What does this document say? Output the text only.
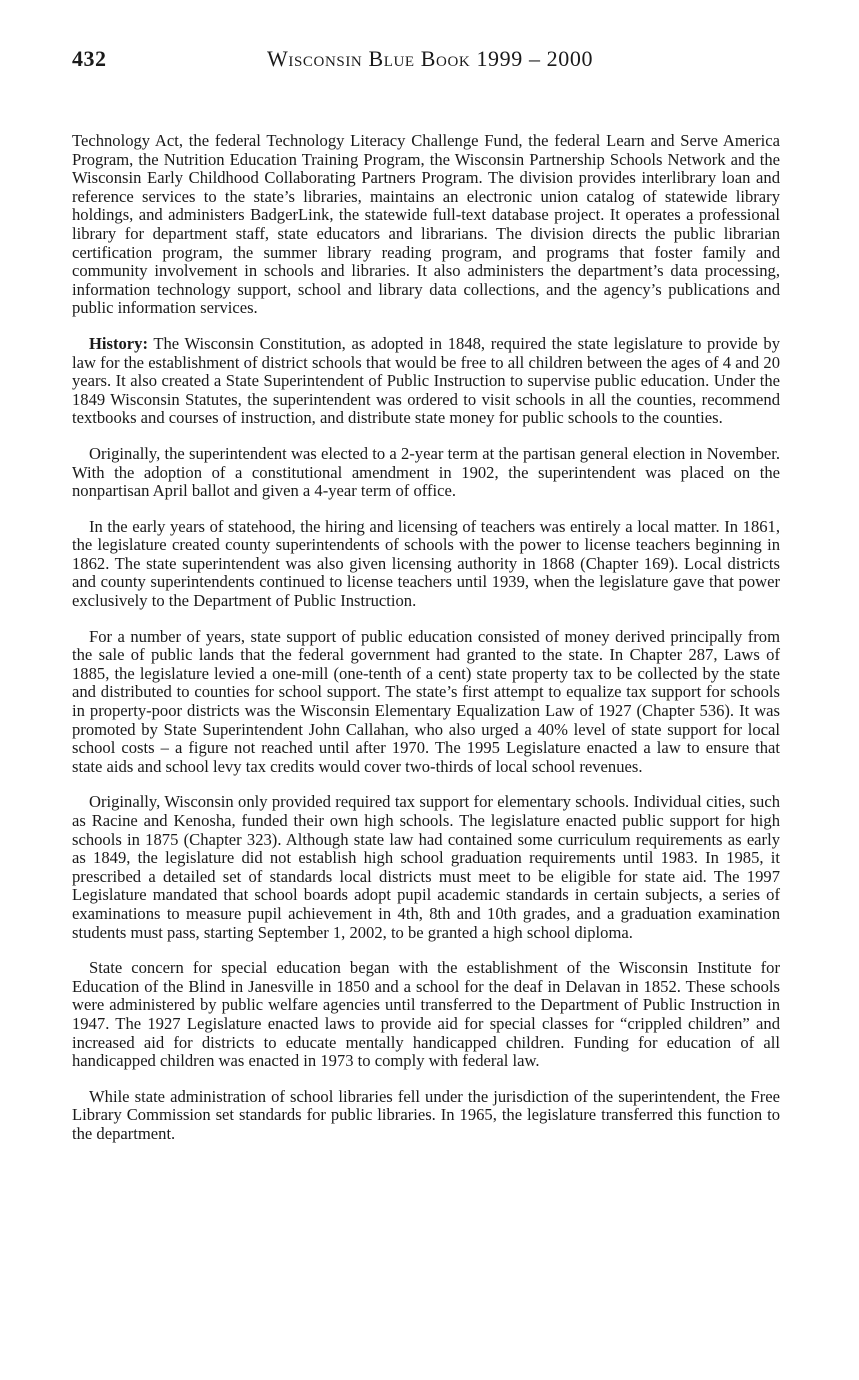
432	Wisconsin Blue Book 1999 – 2000

Technology Act, the federal Technology Literacy Challenge Fund, the federal Learn and Serve America Program, the Nutrition Education Training Program, the Wisconsin Partnership Schools Network and the Wisconsin Early Childhood Collaborating Partners Program. The division provides interlibrary loan and reference services to the state’s libraries, maintains an electronic union catalog of statewide library holdings, and administers BadgerLink, the statewide full-text database project. It operates a professional library for department staff, state educators and librarians. The division directs the public librarian certification program, the summer library reading program, and programs that foster family and community involvement in schools and libraries. It also administers the department’s data processing, information technology support, school and library data collections, and the agency’s publications and public information services.

History: The Wisconsin Constitution, as adopted in 1848, required the state legislature to provide by law for the establishment of district schools that would be free to all children between the ages of 4 and 20 years. It also created a State Superintendent of Public Instruction to supervise public education. Under the 1849 Wisconsin Statutes, the superintendent was ordered to visit schools in all the counties, recommend textbooks and courses of instruction, and distribute state money for public schools to the counties.

Originally, the superintendent was elected to a 2-year term at the partisan general election in November. With the adoption of a constitutional amendment in 1902, the superintendent was placed on the nonpartisan April ballot and given a 4-year term of office.

In the early years of statehood, the hiring and licensing of teachers was entirely a local matter. In 1861, the legislature created county superintendents of schools with the power to license teachers beginning in 1862. The state superintendent was also given licensing authority in 1868 (Chapter 169). Local districts and county superintendents continued to license teachers until 1939, when the legislature gave that power exclusively to the Department of Public Instruction.

For a number of years, state support of public education consisted of money derived principally from the sale of public lands that the federal government had granted to the state. In Chapter 287, Laws of 1885, the legislature levied a one-mill (one-tenth of a cent) state property tax to be collected by the state and distributed to counties for school support. The state’s first attempt to equalize tax support for schools in property-poor districts was the Wisconsin Elementary Equalization Law of 1927 (Chapter 536). It was promoted by State Superintendent John Callahan, who also urged a 40% level of state support for local school costs – a figure not reached until after 1970. The 1995 Legislature enacted a law to ensure that state aids and school levy tax credits would cover two-thirds of local school revenues.

Originally, Wisconsin only provided required tax support for elementary schools. Individual cities, such as Racine and Kenosha, funded their own high schools. The legislature enacted public support for high schools in 1875 (Chapter 323). Although state law had contained some curriculum requirements as early as 1849, the legislature did not establish high school graduation requirements until 1983. In 1985, it prescribed a detailed set of standards local districts must meet to be eligible for state aid. The 1997 Legislature mandated that school boards adopt pupil academic standards in certain subjects, a series of examinations to measure pupil achievement in 4th, 8th and 10th grades, and a graduation examination students must pass, starting September 1, 2002, to be granted a high school diploma.

State concern for special education began with the establishment of the Wisconsin Institute for Education of the Blind in Janesville in 1850 and a school for the deaf in Delavan in 1852. These schools were administered by public welfare agencies until transferred to the Department of Public Instruction in 1947. The 1927 Legislature enacted laws to provide aid for special classes for “crippled children” and increased aid for districts to educate mentally handicapped children. Funding for education of all handicapped children was enacted in 1973 to comply with federal law.

While state administration of school libraries fell under the jurisdiction of the superintendent, the Free Library Commission set standards for public libraries. In 1965, the legislature transferred this function to the department.
